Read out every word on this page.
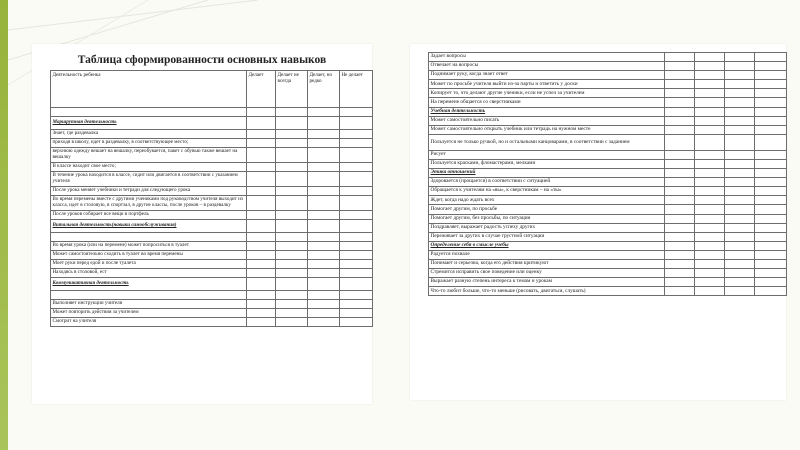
Таблица сформированности основных навыков
Деятельность ребенка	Делает	Делает не всегда	Делает, но редко	Не делает

Маршрутная деятельность				
Знает, где раздевалка				
приходя в школу, идет в раздевалку, в соответствующее место;				
верхнюю одежду вешает на вешалку, переобувается, пакет с обувью также вешает на вешалку				
В классе находит свое место;				
В течение урока находится в классе, сидит или двигается в соответствии с указанием учителя				
После урока меняет учебники и тетради для следующего урока				
Во время перемены вместе с другими учениками под руководством учителя выходит из класса, идет в столовую, в спортзал, в другие классы, после уроков – в раздевалку				
После уроков собирает все вещи в портфель				
Витальная деятельность(навыки самообслуживания)				

Во время урока (или на перемене) может попроситься в туалет				
Может самостоятельно сходить в туалет во время перемены				
Моет руки перед едой и после туалета				
Находясь в столовой, ест				
Коммуникативная деятельность				

Выполняет инструкции учителя				
Может повторить действия за учителем				
Смотрит на учителя				
Задает вопросы				
Отвечает на вопросы				
Поднимает руку, когда знает ответ				
Может по просьбе учителя выйти из-за парты и ответить у доски				
Копирует то, что делают другие ученики, если не успел за учителем				
На перемене общается со сверстниками				
Учебная деятельность				
Может самостоятельно писать				
Может самостоятельно открыть учебник или тетрадь на нужном месте				
Пользуется не только ручкой, но и остальными канцоварами, в соответствии с заданием				
Рисует				
Пользуется красками, фломастерами, мелками				
Этика отношений				
Здоровается (прощается) в соответствии с ситуацией				
Обращается к учителям на «вы», к сверстникам – на «ты»				
Ждет, когда надо ждать всех				
Помогает другим, по просьбе				
Помогает другим, без просьбы, по ситуации				
Поздравляет, выражает радость успеху других				
Переживает за других в случае грустной ситуации				
Определение себя в смысле учебы				
Радуется похвале				
Понимает и серьезна, когда его действия критикуют				
Стремится исправить свое поведение или оценку				
Выражает разную степень интереса к темам и урокам				
Что-то любит больше, что-то меньше (рисовать, двигаться, слушать)				
